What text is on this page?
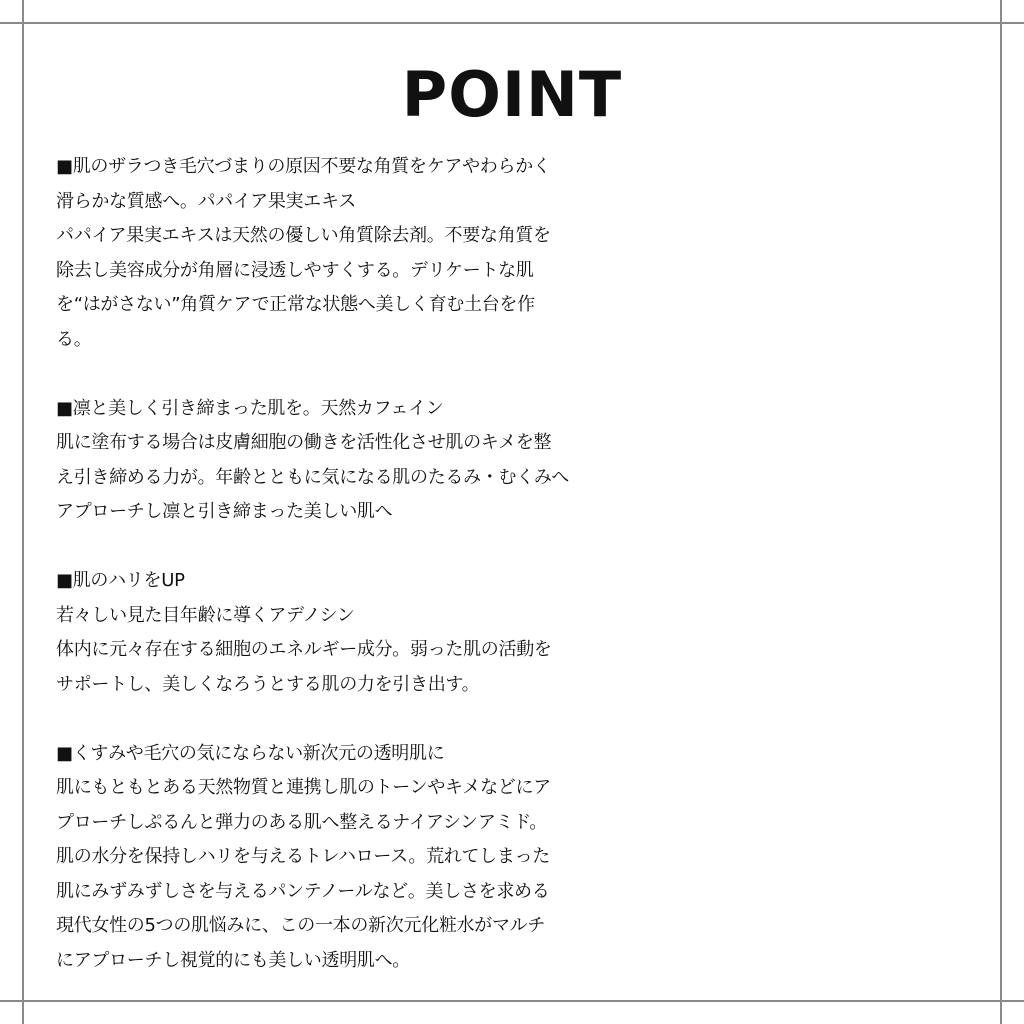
POINT
■肌のザラつき毛穴づまりの原因不要な角質をケアやわらかく
滑らかな質感へ。パパイア果実エキス
パパイア果実エキスは天然の優しい角質除去剤。不要な角質を
除去し美容成分が角層に浸透しやすくする。デリケートな肌
を“はがさない”角質ケアで正常な状態へ美しく育む土台を作
る。
■凛と美しく引き締まった肌を。天然カフェイン
肌に塗布する場合は皮膚細胞の働きを活性化させ肌のキメを整
え引き締める力が。年齢とともに気になる肌のたるみ・むくみへ
アプローチし凛と引き締まった美しい肌へ
■肌のハリをUP
若々しい見た目年齢に導くアデノシン
体内に元々存在する細胞のエネルギー成分。弱った肌の活動を
サポートし、美しくなろうとする肌の力を引き出す。
■くすみや毛穴の気にならない新次元の透明肌に
肌にもともとある天然物質と連携し肌のトーンやキメなどにア
プローチしぷるんと弾力のある肌へ整えるナイアシンアミド。
肌の水分を保持しハリを与えるトレハロース。荒れてしまった
肌にみずみずしさを与えるパンテノールなど。美しさを求める
現代女性の5つの肌悩みに、この一本の新次元化粧水がマルチ
にアプローチし視覚的にも美しい透明肌へ。
